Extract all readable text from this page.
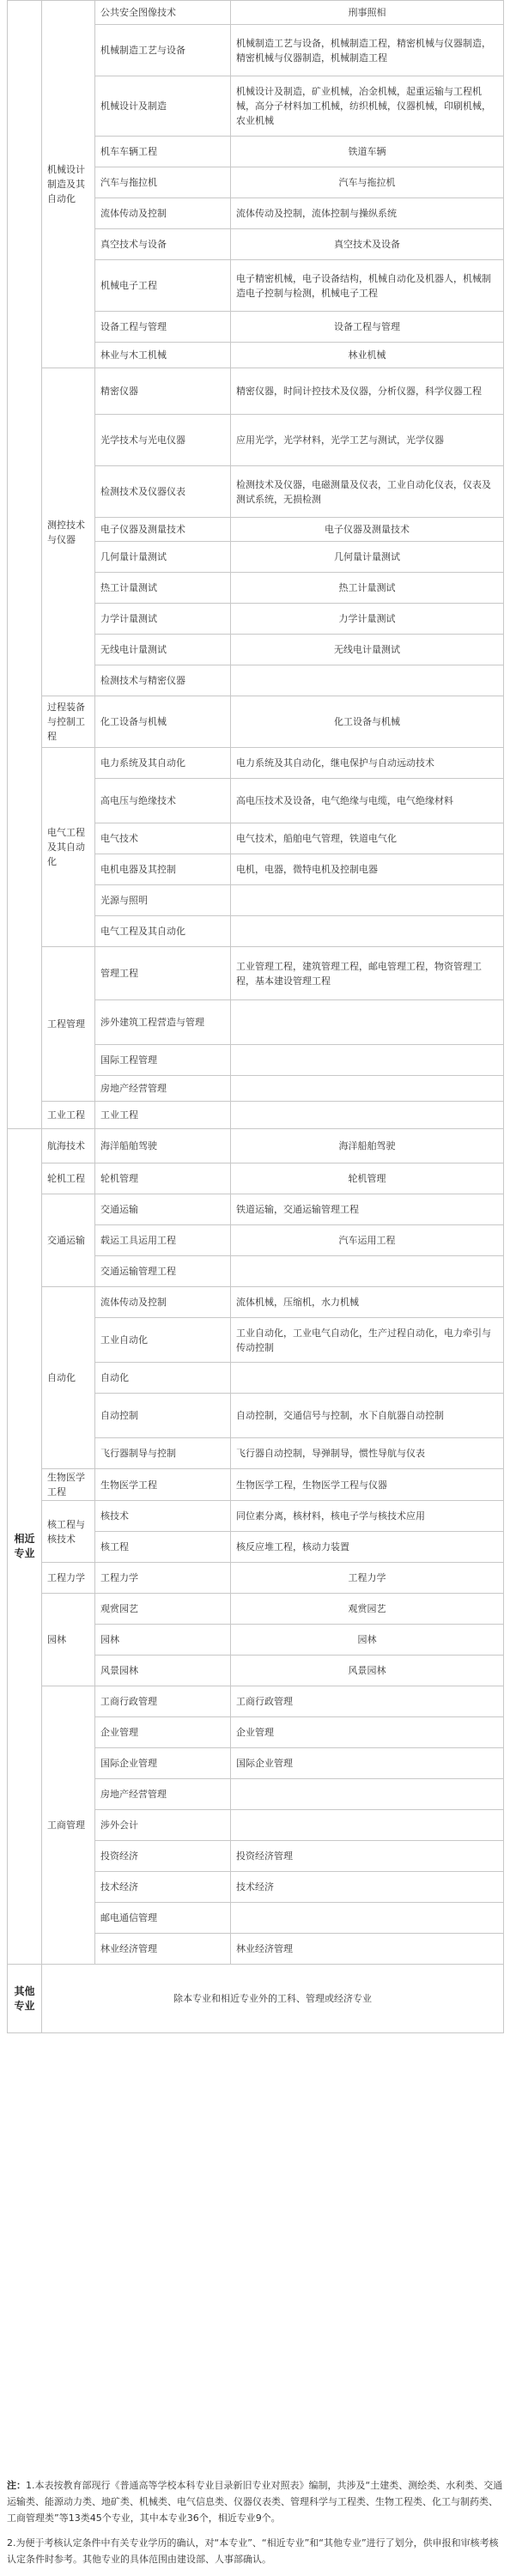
	机械设计制造及其自动化	公共安全图像技术	刑事照相
		机械制造工艺与设备	机械制造工艺与设备，机械制造工程，精密机械与仪器制造，精密机械与仪器制造，机械制造工程
		机械设计及制造	机械设计及制造，矿业机械，冶金机械，起重运输与工程机械，高分子材料加工机械，纺织机械，仪器机械，印刷机械，农业机械
		机车车辆工程	铁道车辆
		汽车与拖拉机	汽车与拖拉机
		流体传动及控制	流体传动及控制，流体控制与操纵系统
		真空技术与设备	真空技术及设备
		机械电子工程	电子精密机械，电子设备结构，机械自动化及机器人，机械制造电子控制与检测，机械电子工程
		设备工程与管理	设备工程与管理
		林业与木工机械	林业机械
	测控技术与仪器	精密仪器	精密仪器，时间计控技术及仪器，分析仪器，科学仪器工程
		光学技术与光电仪器	应用光学，光学材料，光学工艺与测试，光学仪器
		检测技术及仪器仪表	检测技术及仪器，电磁测量及仪表，工业自动化仪表，仪表及测试系统，无损检测
		电子仪器及测量技术	电子仪器及测量技术
		几何量计量测试	几何量计量测试
		热工计量测试	热工计量测试
		力学计量测试	力学计量测试
		无线电计量测试	无线电计量测试
		检测技术与精密仪器	
	过程装备与控制工程	化工设备与机械	化工设备与机械
	电气工程及其自动化	电力系统及其自动化	电力系统及其自动化，继电保护与自动远动技术
		高电压与绝缘技术	高电压技术及设备，电气绝缘与电缆，电气绝缘材料
		电气技术	电气技术，船舶电气管理，铁道电气化
		电机电器及其控制	电机，电器，微特电机及控制电器
		光源与照明	
		电气工程及其自动化	
	工程管理	管理工程	工业管理工程，建筑管理工程，邮电管理工程，物资管理工程，基本建设管理工程
		涉外建筑工程营造与管理	
		国际工程管理	
		房地产经营管理	
	工业工程	工业工程	
相近专业	航海技术	海洋船舶驾驶	海洋船舶驾驶
	轮机工程	轮机管理	轮机管理
	交通运输	交通运输	铁道运输，交通运输管理工程
		载运工具运用工程	汽车运用工程
		交通运输管理工程	
	自动化	流体传动及控制	流体机械，压缩机，水力机械
		工业自动化	工业自动化，工业电气自动化，生产过程自动化，电力牵引与传动控制
		自动化	
		自动控制	自动控制，交通信号与控制，水下自航器自动控制
		飞行器制导与控制	飞行器自动控制，导弹制导，惯性导航与仪表
	生物医学工程	生物医学工程	生物医学工程，生物医学工程与仪器
	核工程与核技术	核技术	同位素分离，核材料，核电子学与核技术应用
		核工程	核反应堆工程，核动力装置
	工程力学	工程力学	工程力学
	园林	观赏园艺	观赏园艺
		园林	园林
		风景园林	风景园林
	工商管理	工商行政管理	工商行政管理
		企业管理	企业管理
		国际企业管理	国际企业管理
		房地产经营管理	
		涉外会计	
		投资经济	投资经济管理
		技术经济	技术经济
		邮电通信管理	
		林业经济管理	林业经济管理
其他专业	除本专业和相近专业外的工科、管理或经济专业		

注：1.本表按教育部现行《普通高等学校本科专业目录新旧专业对照表》编制，共涉及“土建类、测绘类、水利类、交通运输类、能源动力类、地矿类、机械类、电气信息类、仪器仪表类、管理科学与工程类、生物工程类、化工与制药类、工商管理类”等13类45个专业，其中本专业36个，相近专业9个。

2.为便于考核认定条件中有关专业学历的确认，对“本专业”、“相近专业”和“其他专业”进行了划分，供申报和审核考核认定条件时参考。其他专业的具体范围由建设部、人事部确认。
